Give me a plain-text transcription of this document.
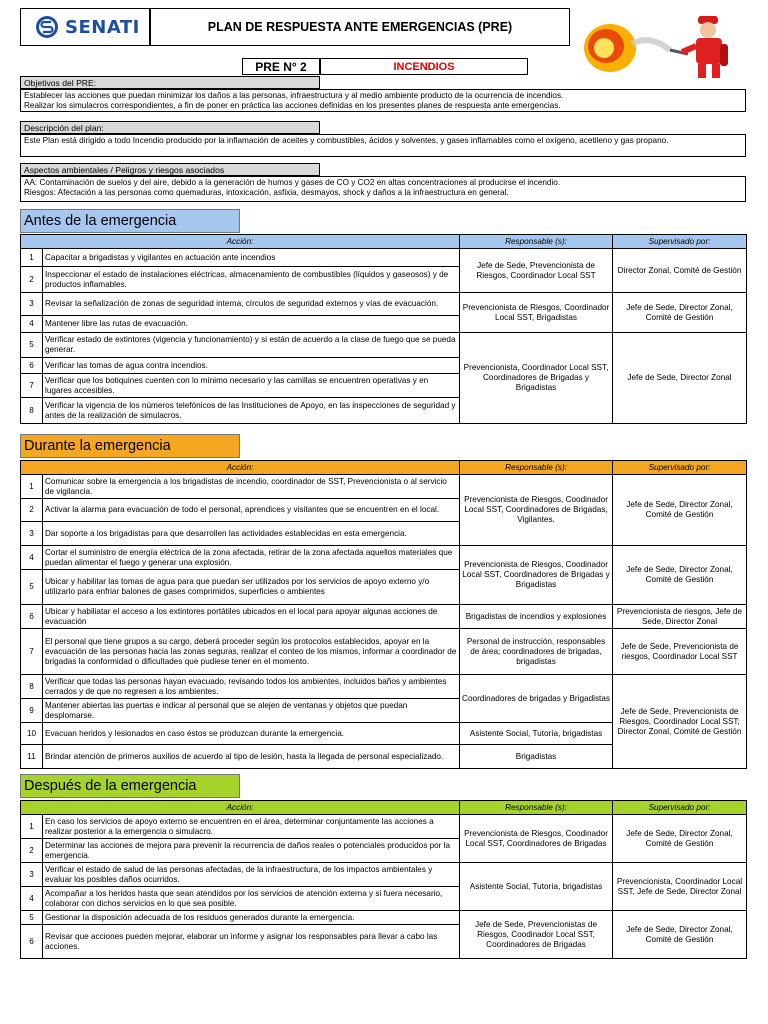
SENATI	PLAN DE RESPUESTA ANTE EMERGENCIAS (PRE)
PRE N° 2	INCENDIOS
Objetivos del PRE:
Establecer las acciones que puedan minimizar los daños a las personas, infraestructura y al medio ambiente producto de la ocurrencia de incendios.
Realizar los simulacros correspondientes, a fin de poner en práctica las acciones definidas en los presentes planes de respuesta ante emergencias.
Descripción del plan:
Este Plan está dirigido a todo Incendio producido por la inflamación de aceites y combustibles, ácidos y solventes, y gases inflamables como el oxígeno, acetileno y gas propano.
Aspectos ambientales / Peligros y riesgos asociados
AA: Contaminación de suelos y del aire, debido a la generación de humos y gases de CO y CO2 en altas concentraciones al producirse el incendio.
Riesgos: Afectación a las personas como quemaduras, intoxicación, asfixia, desmayos, shock y daños a la infraestructura en general.
Antes de la emergencia
Acción:		Responsable (s):	Supervisado por:
1	Capacitar a brigadistas y vigilantes en actuación ante incendios	Jefe de Sede, Prevencionista de Riesgos, Coordinador Local SST	Director Zonal, Comité de Gestión
2	Inspeccionar el estado de instalaciones eléctricas, almacenamiento de combustibles (líquidos y gaseosos) y de productos inflamables.		
3	Revisar la señalización de zonas de seguridad interna, círculos de seguridad externos y vías de evacuación.	Prevencionista de Riesgos, Coordinador Local SST, Brigadistas	Jefe de Sede, Director Zonal, Comité de Gestión
4	Mantener libre las rutas de evacuación.		
5	Verificar estado de extintores (vigencia y funcionamiento) y si están de acuerdo a la clase de fuego que se pueda generar.	Prevencionista, Coordinador Local SST, Coordinadores de Brigadas y Brigadistas	Jefe de Sede, Director Zonal
6	Verificar las tomas de agua contra incendios.		
7	Verificar que los botiquines cuenten con lo mínimo necesario y las camillas se encuentren operativas y en lugares accesibles.		
8	Verificar la vigencia de los números telefónicos de las Instituciones de Apoyo, en las inspecciones de seguridad y antes de la realización de simulacros.		
Durante la emergencia
Acción:		Responsable (s):	Supervisado por:
1	Comunicar sobre la emergencia a los brigadistas de incendio, coordinador de SST, Prevencionista o al servicio de vigilancia.	Prevencionista de Riesgos, Coodinador Local SST, Coordinadores de Brigadas, Vigilantes.	Jefe de Sede, Director Zonal, Comité de Gestión
2	Activar la alarma para evacuación de todo el personal, aprendices y visitantes que se encuentren en el local.		
3	Dar soporte a los brigadistas para que desarrollen las actividades establecidas en esta emergencia.		
4	Cortar el suministro de energía eléctrica de la zona afectada, retirar de la zona afectada aquellos materiales que puedan alimentar el fuego y generar una explosión.	Prevencionista de Riesgos, Coodinador Local SST, Coordinadores de Brigadas y Brigadistas	Jefe de Sede, Director Zonal, Comité de Gestión
5	Ubicar y habilitar las tomas de agua para que puedan ser utilizados por los servicios de apoyo externo y/o utilizarlo para enfriar balones de gases comprimidos, superficies o ambientes		
6	Ubicar y habiliatar el acceso a los extintores portátiles ubicados en el local para apoyar algunas acciones de evacuación	Brigadistas de incendios y explosiones	Prevencionista de riesgos, Jefe de Sede, Director Zonal
7	El personal que tiene grupos a su cargo, deberá proceder según los protocolos establecidos, apoyar en la evacuación de las personas hacia las zonas seguras, realizar el conteo de los mismos, informar a coordinador de brigadas la conformidad o dificultades que pudiese tener en el momento.	Personal de instrucción, responsables de área; coordinadores de brigadas, brigadistas	Jefe de Sede, Prevencionista de riesgos, Coordinador Local SST
8	Verificar que todas las personas hayan evacuado, revisando todos los ambientes, incluidos baños y ambientes cerrados y de que no regresen a los ambientes.	Coordinadores de brigadas y Brigadistas	Jefe de Sede, Prevencionista de Riesgos, Coordinador Local SST; Director Zonal, Comité de Gestión
9	Mantener abiertas las puertas e indicar al personal que se alejen de ventanas y objetos que puedan desplomarse.		
10	Evacuan heridos y lesionados en caso éstos se produzcan durante la emergencia.	Asistente Social, Tutoría, brigadistas	
11	Brindar atención de primeros auxilios de acuerdo al tipo de lesión, hasta la llegada de personal especializado.	Brigadistas	
Después de la emergencia
Acción:		Responsable (s):	Supervisado por:
1	En caso los servicios de apoyo externo se encuentren en el área, determinar conjuntamente las acciones a realizar posterior a la emergencia o simulacro.	Prevencionista de Riesgos, Coodinador Local SST, Coordinadores de Brigadas	Jefe de Sede, Director Zonal, Comité de Gestión
2	Determinar las acciones de mejora para prevenir la recurrencia de daños reales o potenciales producidos por la emergencia.		
3	Verificar el estado de salud de las personas afectadas, de la infraestructura, de los impactos ambientales y evaluar los posibles daños ocurridos.	Asistente Social, Tutoría, brigadistas	Prevencionista, Coordinador Local SST, Jefe de Sede, Director Zonal
4	Acompañar a los heridos hasta que sean atendidos por los servicios de atención externa y si fuera necesario, colaborar con dichos servicios en lo que sea posible.		
5	Gestionar la disposición adecuada de los residuos generados durante la emergencia.	Jefe de Sede, Prevencionistas de Riesgos, Coodinador Local SST, Coordinadores de Brigadas	Jefe de Sede, Director Zonal, Comité de Gestión
6	Revisar que acciones pueden mejorar, elaborar un informe y asignar los responsables para llevar a cabo las acciones.		
